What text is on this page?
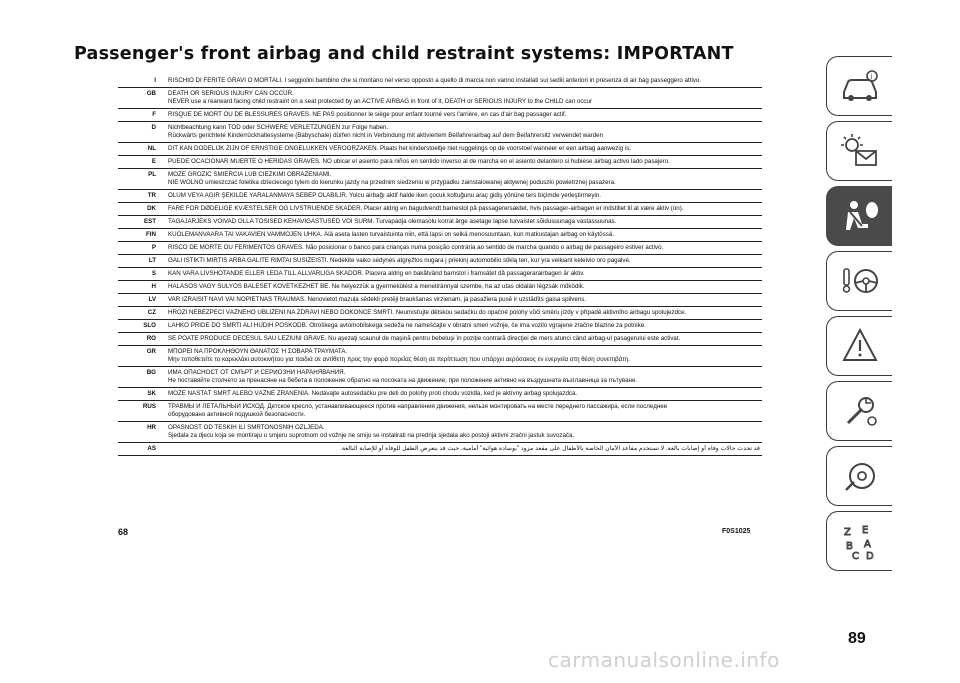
Passenger's front airbag and child restraint systems: IMPORTANT
I	RISCHIO DI FERITE GRAVI O MORTALI. I seggiolini bambino che si montano nel verso opposto a quello di marcia non vanno installati sui sedili anteriori in presenza di air bag passeggero attivo.

GB	DEATH OR SERIOUS INJURY CAN OCCUR.
NEVER use a rearward facing child restraint on a seat protected by an ACTIVE AIRBAG in front of it, DEATH or SERIOUS INJURY to the CHILD can occur

F	RISQUE DE MORT OU DE BLESSURES GRAVES. NE PAS positionner le siège pour enfant tourné vers l'arrière, en cas d'air bag passager actif.

D	Nichtbeachtung kann TOD oder SCHWERE VERLETZUNGEN zur Folge haben.
Rückwärts gerichtete Kinderrückhaltesysteme (Babyschale) dürfen nicht in Verbindung mit aktiviertem Beifahrerairbag auf dem Beifahrersitz verwendet warden

NL	DIT KAN DODELIJK ZIJN OF ERNSTIGE ONGELUKKEN VEROORZAKEN. Plaats het kinderstoeltje niet ruggelings op de voorstoel wanneer er een airbag aanwezig is.

E	PUEDE OCACIONAR MUERTE O HERIDAS GRAVES. NO ubicar el asiento para niños en sentido inverso al de marcha en el asiento delantero si hubiese airbag activo lado pasajero.

PL	MOŻE GROZIĆ ŚMIERCIA LUB CIEŻKIMI OBRAŻENIAMI.
NIE WOLNO umieszczać foletika dzieciecego tylem do kierunku jazdy na przednim siedzeniu w przypadku zainstalowanej aktywnej poduszki powietrznej pasażera.

TR	ÖLÜM VEYA AĞIR ŞEKİLDE YARALANMAYA SEBEP OLABİLİR. Yolcu airbağı aktif halde iken çocuk koltuğunu araç gidiş yönüne ters biçimde yerleştirmeyin.

DK	FARE FOR DØDELIGE KVÆSTELSER OG LIVSTRUENDE SKADER. Placer aldrig en bagudvendt barnestol på passagerersædet, hvis passager-airbagen er indstillet til at være aktiv (on).

EST	TAGAJÄRJEKS VÕIVAD OLLA TÕSISED KEHAVIGASTUSED VÕI SURM. Turvapadja olemasolu korral ärge asetage lapse turvaistet sõidusuunaga vastassuunas.

FIN	KUOLEMANVAARA TAI VAKAVIEN VAMMOJEN UHKA. Älä aseta lasten turvaistuinta niin, että lapsi on selkä menosuuntaan, kun matkustajan airbag on käytössä.

P	RISCO DE MORTE OU FERIMENTOS GRAVES. Não posicionar o banco para crianças numa posição contrária ao sentido de marcha quando o airbag de passageiro estiver activo.

LT	GALI IŠTIKTI MIRTIS ARBA GALITE RIMTAI SUSIŽEISTI. Nedėkite vaiko sėdynės atgręžtos nugara į priekinį automobilio stiklą ten, kur yra veikiant keleivio oro pagalvė.

S	KAN VARA LIVSHOTANDE ELLER LEDA TILL ALLVARLIGA SKADOR. Placera aldrig en bakåtvänd barnstol i framsätet då passagerarairbagen är aktiv.

H	HALÁSOS VAGY SÚLYOS BALESET KÖVETKEZHET BE. Ne helyezzük a gyermekülést a menetiránnyal szembe, ha az utas oldalán légzsák működik.

LV	VAR IZRAISĪT NĀVI VAI NOPIETNAS TRAUMAS. Nenovietot mazuļa sēdekli pretēji braukšanas virzienam, ja pasažiera pusē ir uzstādīts gaisa spilvens.

CZ	HROZÍ NEBEZPEČÍ VÁŽNÉHO UBLÍŽENÍ NA ZDRAVÍ NEBO DOKONCE SMRTI. Neumisťujte dětskou sedačku do opačné polohy vůči směru jízdy v případě aktivního airbagu spolujezdce.

SLO	LAHKO PRIDE DO SMRTI ALI HUDIH POŠKODB. Otroškega avtomobilskega sedeža ne nameščajte v obratni smeri vožnje, če ima vozilo vgrajene zračne blazine za potnike.

RO	SE POATE PRODUCE DECESUL SAU LEZIUNI GRAVE. Nu aşezaţi scaunul de maşină pentru bebeluşi în poziţie contrară direcţiei de mers atunci când airbag-ul pasagerului este activat.

GR	ΜΠΟΡΕΙ ΝΑ ΠΡΟΚΛΗΘΟΥΝ ΘΑΝΑΤΟΣ Ή ΣΟΒΑΡΑ ΤΡΑΥΜΑΤΑ.
Μην τοποθετείτε το καρεκλάκι αυτοκινήτου για παιδιά σε αντίθετη προς την φορά πορείας θέση σε περίπτωση που υπάρχει αερόσακος εν ενεργεία στη θέση συνεπιβάτη.

BG	ИМА ОПАСНОСТ ОТ СМЪРТ И СЕРИОЗНИ НАРАНЯВАНИЯ.
Не поставяйте столчето за пренасяне на бебета в положение обратно на посоката на движение, при положение активно на въздушната възглавница за пътуване.

SK	MÔŽE NASTAŤ SMRŤ ALEBO VÁŽNE ZRANENIA. Nedávajte autosedačku pre deti do polohy proti chodu vozidla, keď je aktívny airbag spolujazdca.

RUS	ТРАВМЫ И ЛЕТАЛЬНЫЙ ИСХОД. Детское кресло, устанавливающееся против направления движения, нельзя монтировать на месте переднего пассажира, если последнее
оборудовано активной подушкой безопасности.

HR	OPASNOST OD TEŠKIH ILI SMRTONOSNIH OZLJEDA.
Sjedala za djecu koja se montiraju u smjeru suprotnom od vožnje ne smiju se instalirati na prednja sjedala ako postoji aktivni zračni jastuk suvozača.

AS	قد تحدث حالات وفاة أو إصابات بالغة. لا تستخدم مقاعد الأمان الخاصة بالأطفال على مقعد مزود "بوسادة هوائية" أمامية، حيث قد يتعرض الطفل للوفاة أو للإصابة البالغة.
68	F0S1025
i
Z E
B A
C D
89
carmanualsonline.info
